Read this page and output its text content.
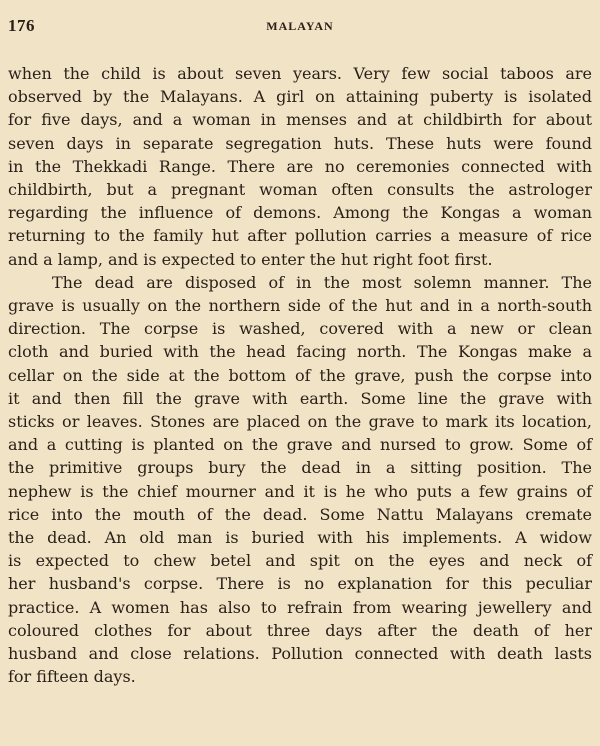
176	MALAYAN
when the child is about seven years. Very few social taboos are
observed by the Malayans. A girl on attaining puberty is isolated
for five days, and a woman in menses and at childbirth for about
seven days in separate segregation huts. These huts were found
in the Thekkadi Range. There are no ceremonies connected with
childbirth, but a pregnant woman often consults the astrologer
regarding the influence of demons. Among the Kongas a woman
returning to the family hut after pollution carries a measure of rice
and a lamp, and is expected to enter the hut right foot first.
The dead are disposed of in the most solemn manner. The
grave is usually on the northern side of the hut and in a north-south
direction. The corpse is washed, covered with a new or clean
cloth and buried with the head facing north. The Kongas make a
cellar on the side at the bottom of the grave, push the corpse into
it and then fill the grave with earth. Some line the grave with
sticks or leaves. Stones are placed on the grave to mark its location,
and a cutting is planted on the grave and nursed to grow. Some of
the primitive groups bury the dead in a sitting position. The
nephew is the chief mourner and it is he who puts a few grains of
rice into the mouth of the dead. Some Nattu Malayans cremate
the dead. An old man is buried with his implements. A widow
is expected to chew betel and spit on the eyes and neck of
her husband's corpse. There is no explanation for this peculiar
practice. A women has also to refrain from wearing jewellery and
coloured clothes for about three days after the death of her
husband and close relations. Pollution connected with death lasts
for fifteen days.
